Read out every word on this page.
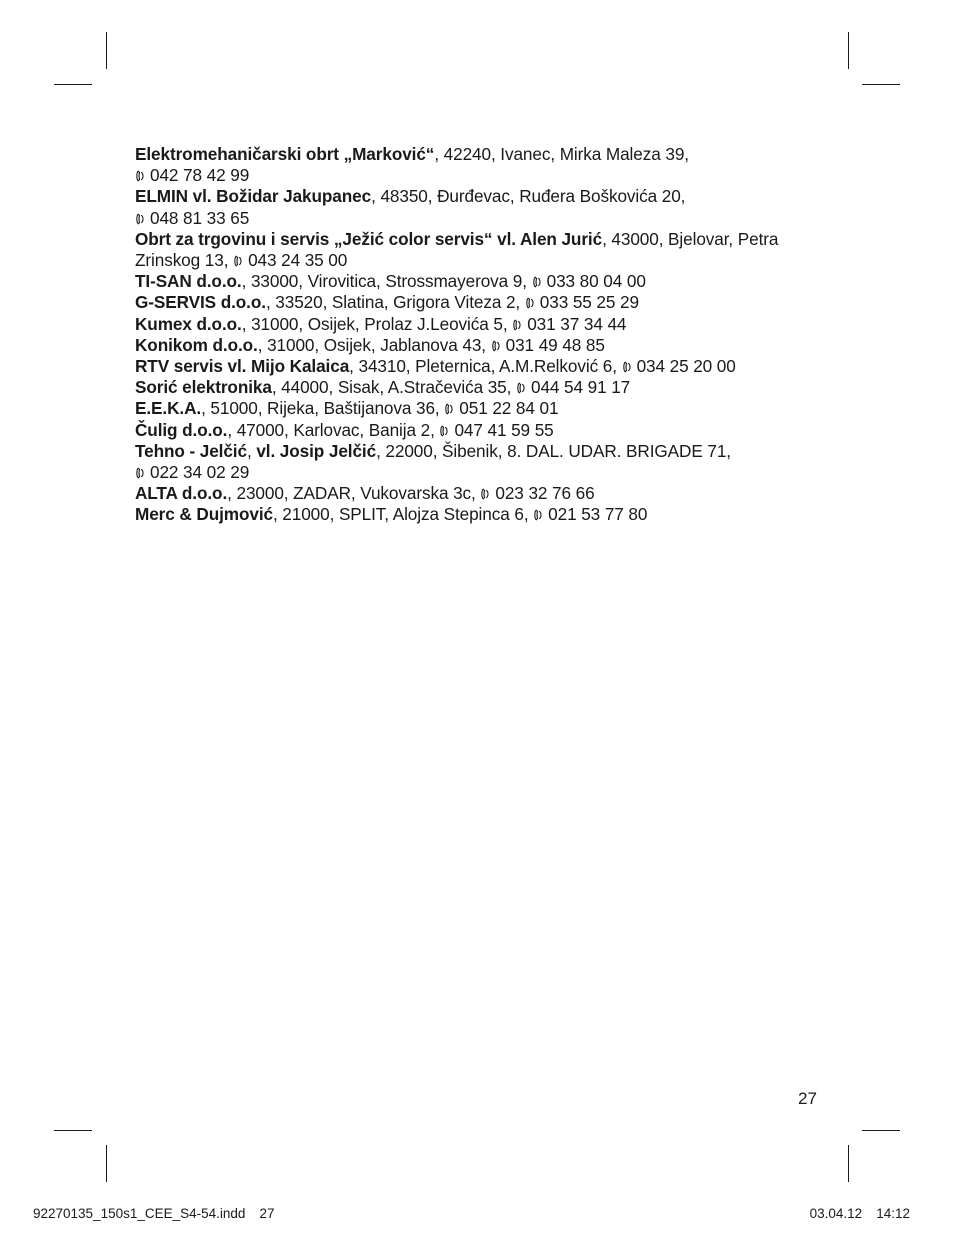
Elektromehaničarski obrt „Marković“, 42240, Ivanec, Mirka Maleza 39,
042 78 42 99

ELMIN vl. Božidar Jakupanec, 48350, Đurđevac, Ruđera Boškovića 20,
048 81 33 65

Obrt za trgovinu i servis „Ježić color servis“ vl. Alen Jurić, 43000, Bjelovar, Petra Zrinskog 13, 043 24 35 00

TI-SAN d.o.o., 33000, Virovitica, Strossmayerova 9, 033 80 04 00

G-SERVIS d.o.o., 33520, Slatina, Grigora Viteza 2, 033 55 25 29

Kumex d.o.o., 31000, Osijek, Prolaz J.Leovića 5, 031 37 34 44

Konikom d.o.o., 31000, Osijek, Jablanova 43, 031 49 48 85

RTV servis vl. Mijo Kalaica, 34310, Pleternica, A.M.Relković 6, 034 25 20 00

Sorić elektronika, 44000, Sisak, A.Stračevića 35, 044 54 91 17

E.E.K.A., 51000, Rijeka, Baštijanova 36, 051 22 84 01

Čulig d.o.o., 47000, Karlovac, Banija 2, 047 41 59 55

Tehno - Jelčić, vl. Josip Jelčić, 22000, Šibenik, 8. DAL. UDAR. BRIGADE 71,
022 34 02 29

ALTA d.o.o., 23000, ZADAR, Vukovarska 3c, 023 32 76 66

Merc & Dujmović, 21000, SPLIT, Alojza Stepinca 6, 021 53 77 80

27
92270135_150s1_CEE_S4-54.indd 27	03.04.12 14:12
